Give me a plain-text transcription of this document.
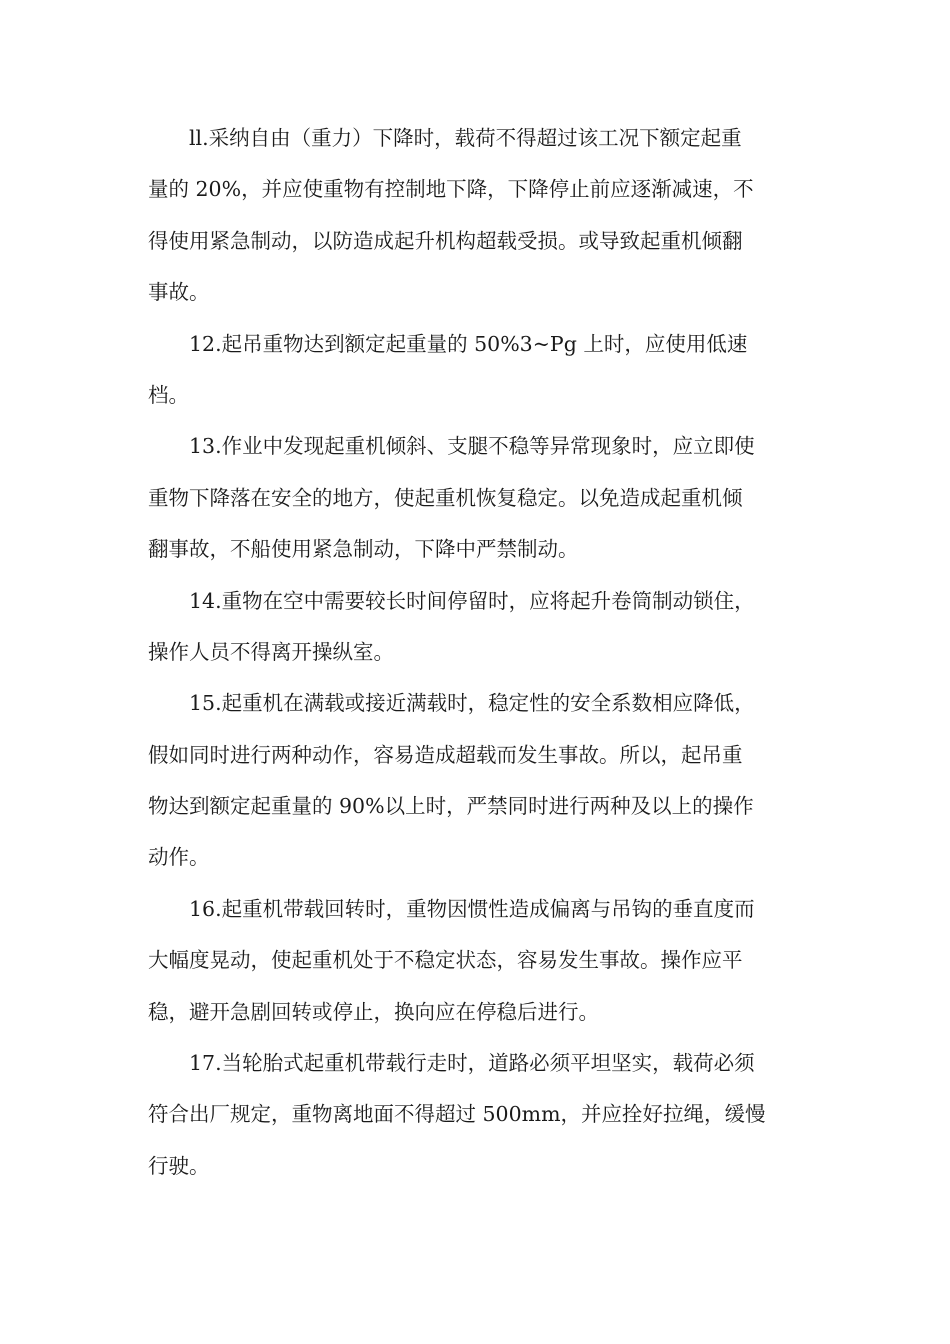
ll.采纳自由（重力）下降时，载荷不得超过该工况下额定起重
量的 20%，并应使重物有控制地下降，下降停止前应逐渐减速，不
得使用紧急制动，以防造成起升机构超载受损。或导致起重机倾翻
事故。
12.起吊重物达到额定起重量的 50%3~Pg 上时，应使用低速
档。
13.作业中发现起重机倾斜、支腿不稳等异常现象时，应立即使
重物下降落在安全的地方，使起重机恢复稳定。以免造成起重机倾
翻事故，不船使用紧急制动，下降中严禁制动。
14.重物在空中需要较长时间停留时，应将起升卷筒制动锁住，
操作人员不得离开操纵室。
15.起重机在满载或接近满载时，稳定性的安全系数相应降低，
假如同时进行两种动作，容易造成超载而发生事故。所以，起吊重
物达到额定起重量的 90%以上时，严禁同时进行两种及以上的操作
动作。
16.起重机带载回转时，重物因惯性造成偏离与吊钩的垂直度而
大幅度晃动，使起重机处于不稳定状态，容易发生事故。操作应平
稳，避开急剧回转或停止，换向应在停稳后进行。
17.当轮胎式起重机带载行走时，道路必须平坦坚实，载荷必须
符合出厂规定，重物离地面不得超过 500mm，并应拴好拉绳，缓慢
行驶。
